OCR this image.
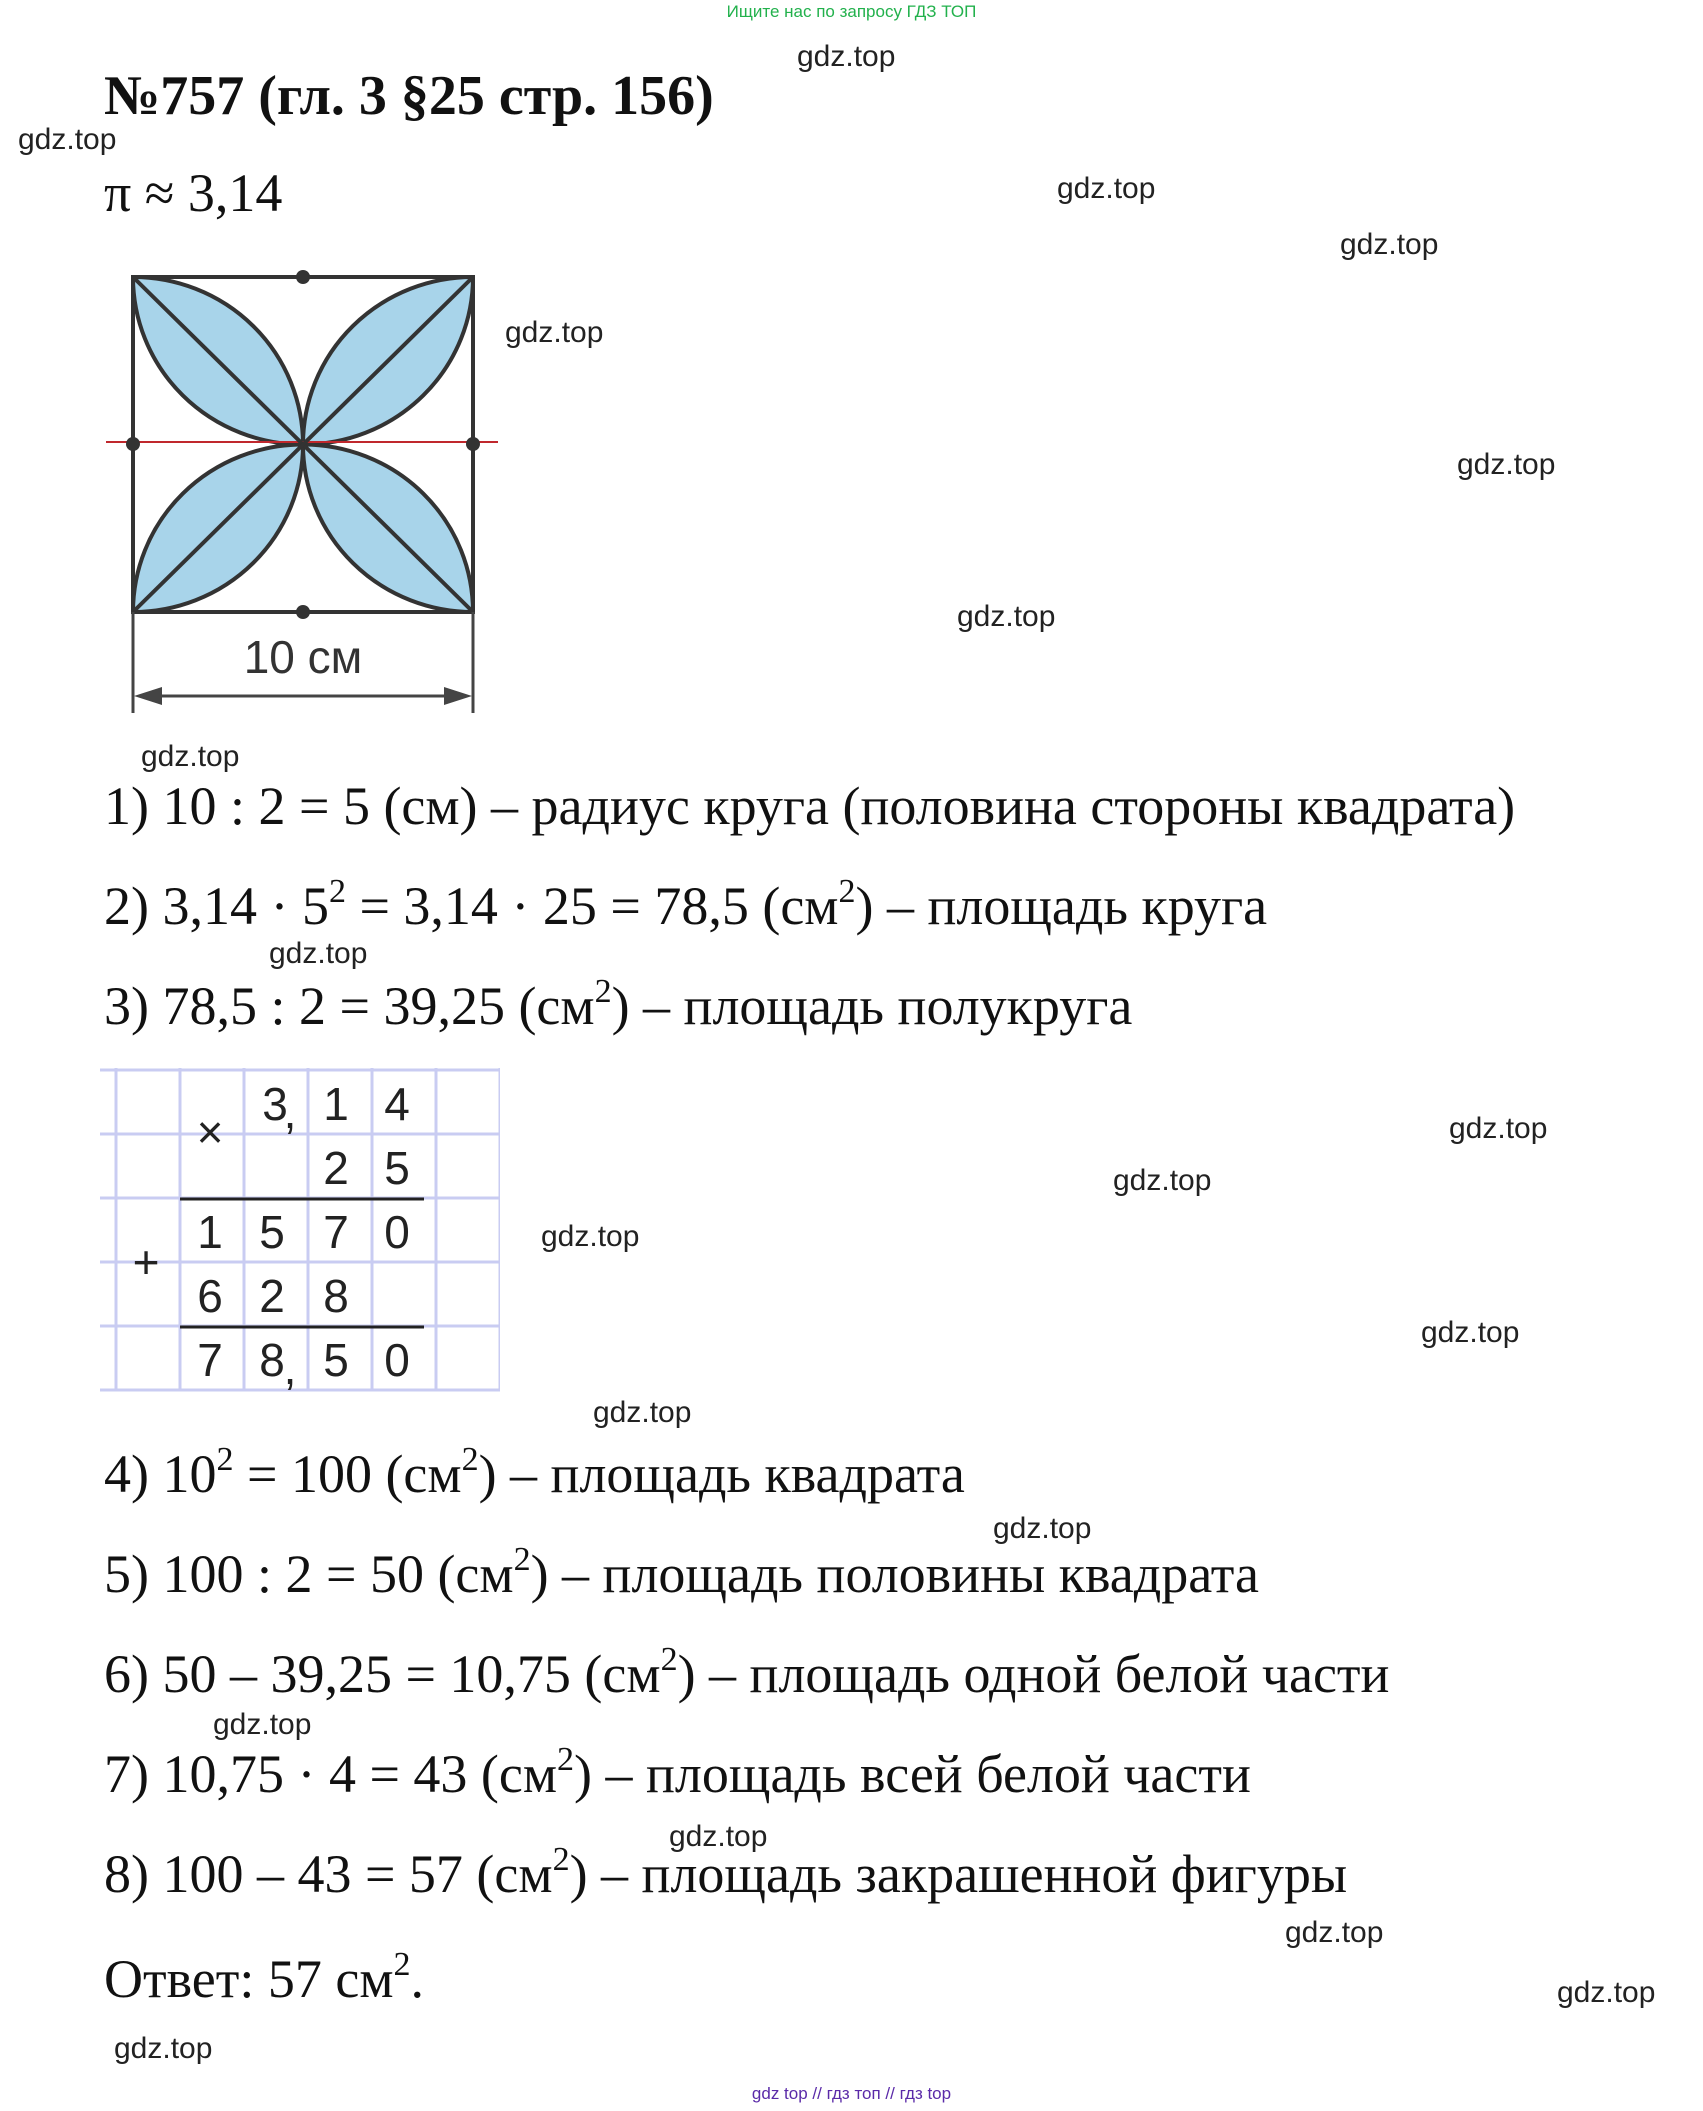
Ищите нас по запросу ГДЗ ТОП
№757 (гл. 3 §25 стр. 156)
π ≈ 3,14
10 см
1) 10 : 2 = 5 (см) – радиус круга (половина стороны квадрата)
2) $3,14 \cdot 5^2 = 3,14 \cdot 25 = 78,5$ $(см^2)$ – площадь круга
3) 78,5 : 2 = 39,25 $(см^2)$ – площадь полукруга
×
+
3
, 1 4
2 5
1 5 7 0
6 2 8
7 8
, 5 0
4) $10^2 = 100$ $(см^2)$ – площадь квадрата
5) 100 : 2 = 50 $(см^2)$ – площадь половины квадрата
6) 50 – 39,25 = 10,75 $(см^2)$ – площадь одной белой части
7) 10,75 · 4 = 43 $(см^2)$ – площадь всей белой части
8) 100 – 43 = 57 $(см^2)$ – площадь закрашенной фигуры
Ответ: 57 $см^2$.
gdz.top
gdz.top
gdz.top
gdz.top
gdz.top
gdz.top
gdz.top
gdz.top
gdz.top
gdz.top
gdz.top
gdz.top
gdz.top
gdz.top
gdz.top
gdz.top
gdz.top
gdz.top
gdz.top
gdz.top
gdz top // гдз топ // гдз top
